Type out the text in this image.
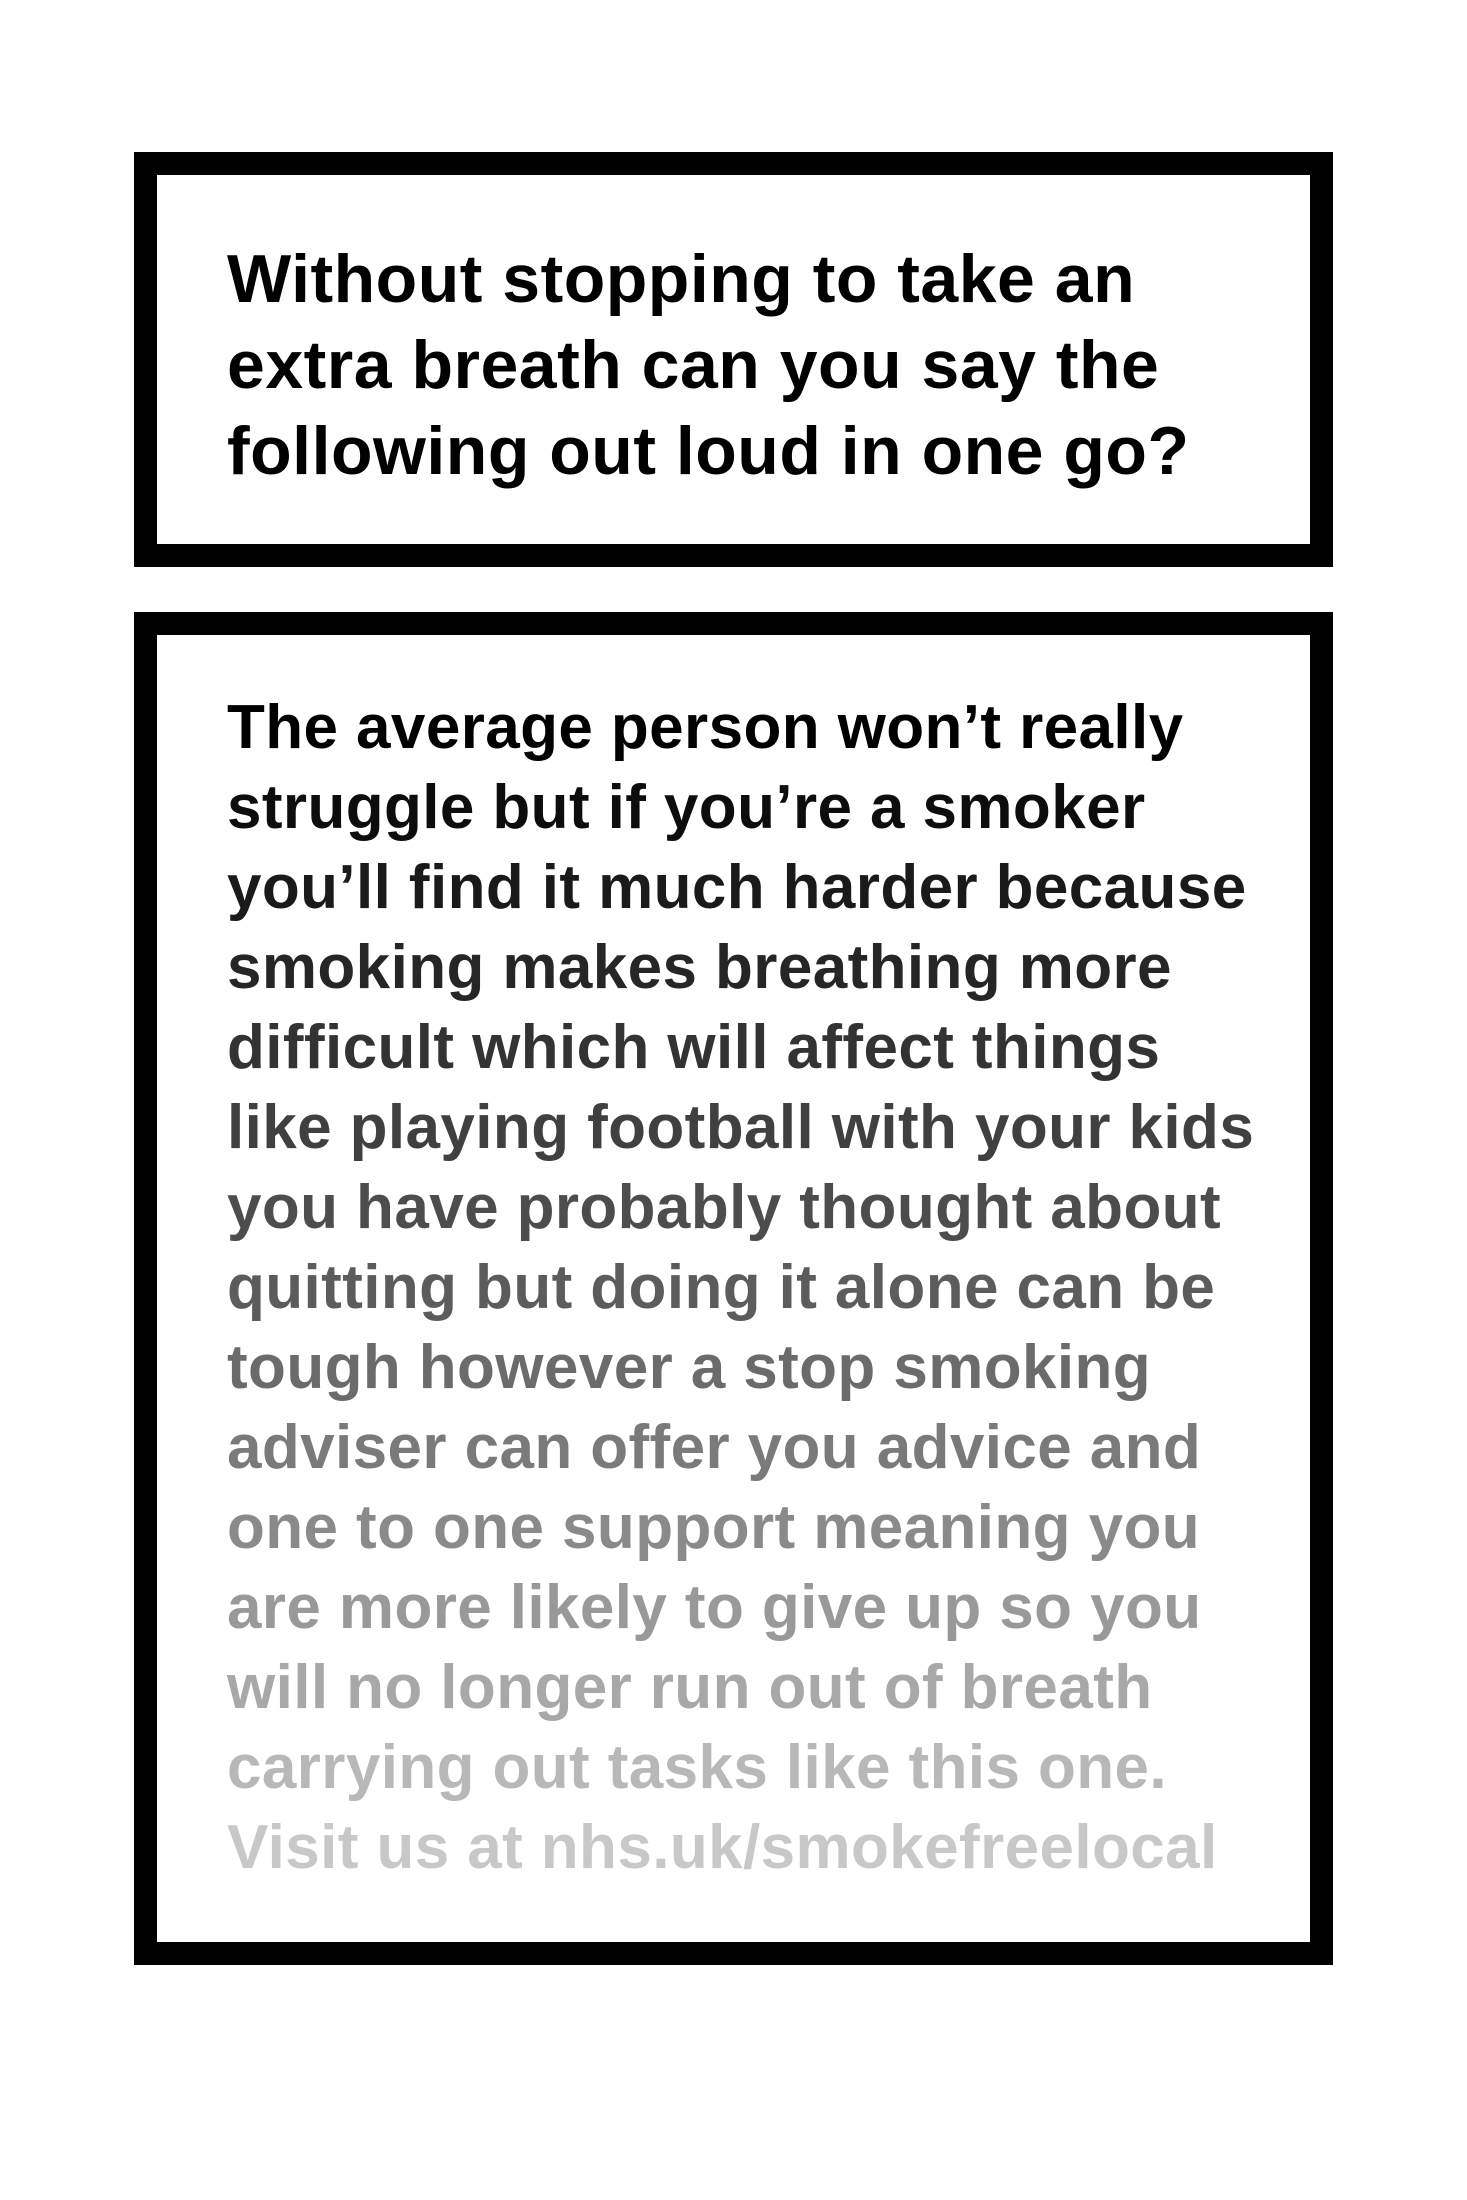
Without stopping to take an
extra breath can you say the
following out loud in one go?

The average person won’t really
struggle but if you’re a smoker
you’ll find it much harder because
smoking makes breathing more
difficult which will affect things
like playing football with your kids
you have probably thought about
quitting but doing it alone can be
tough however a stop smoking
adviser can offer you advice and
one to one support meaning you
are more likely to give up so you
will no longer run out of breath
carrying out tasks like this one.
Visit us at nhs.uk/smokefreelocal
